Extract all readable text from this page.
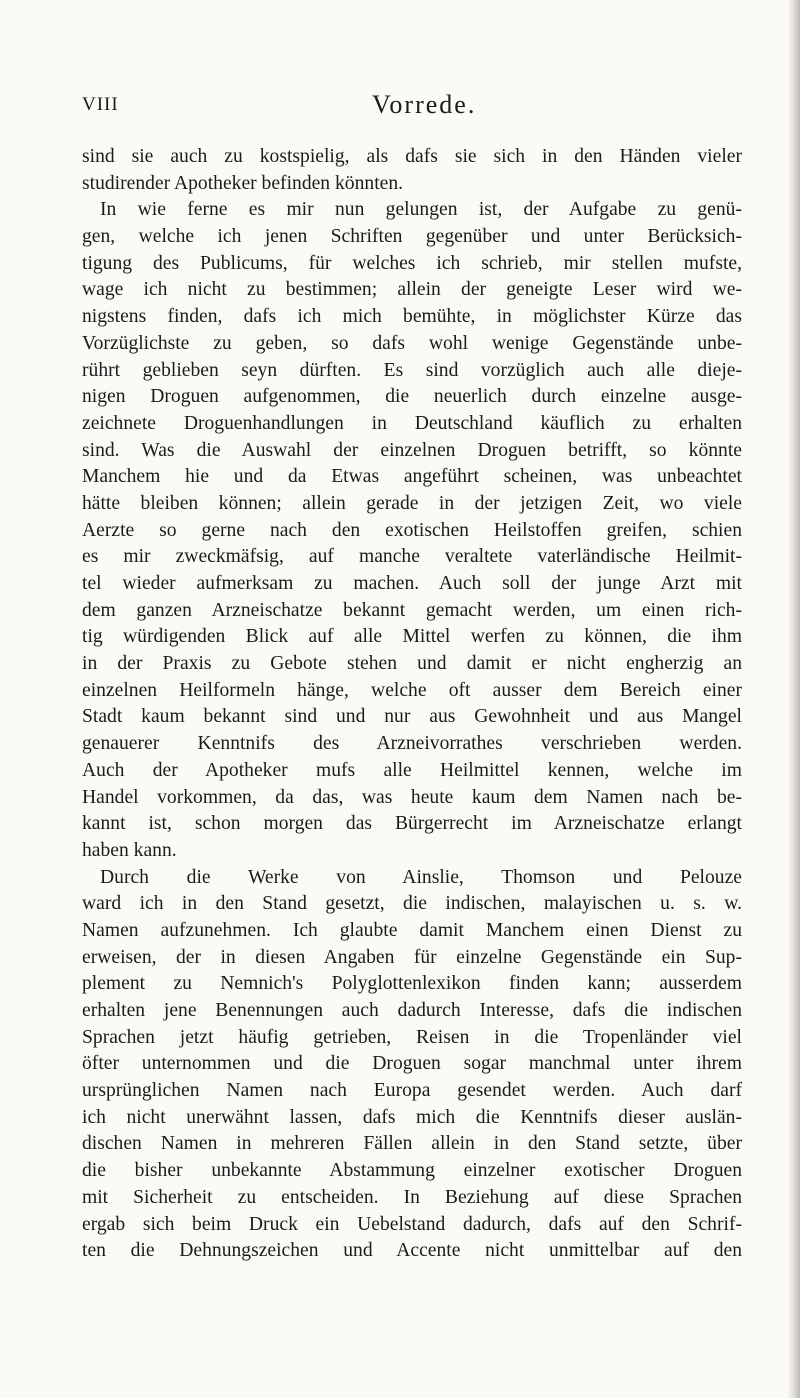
VIII	Vorrede.
sind sie auch zu kostspielig, als dafs sie sich in den Händen vieler
studirender Apotheker befinden könnten.
In wie ferne es mir nun gelungen ist, der Aufgabe zu genü-
gen, welche ich jenen Schriften gegenüber und unter Berücksich-
tigung des Publicums, für welches ich schrieb, mir stellen mufste,
wage ich nicht zu bestimmen; allein der geneigte Leser wird we-
nigstens finden, dafs ich mich bemühte, in möglichster Kürze das
Vorzüglichste zu geben, so dafs wohl wenige Gegenstände unbe-
rührt geblieben seyn dürften. Es sind vorzüglich auch alle dieje-
nigen Droguen aufgenommen, die neuerlich durch einzelne ausge-
zeichnete Droguenhandlungen in Deutschland käuflich zu erhalten
sind. Was die Auswahl der einzelnen Droguen betrifft, so könnte
Manchem hie und da Etwas angeführt scheinen, was unbeachtet
hätte bleiben können; allein gerade in der jetzigen Zeit, wo viele
Aerzte so gerne nach den exotischen Heilstoffen greifen, schien
es mir zweckmäfsig, auf manche veraltete vaterländische Heilmit-
tel wieder aufmerksam zu machen. Auch soll der junge Arzt mit
dem ganzen Arzneischatze bekannt gemacht werden, um einen rich-
tig würdigenden Blick auf alle Mittel werfen zu können, die ihm
in der Praxis zu Gebote stehen und damit er nicht engherzig an
einzelnen Heilformeln hänge, welche oft ausser dem Bereich einer
Stadt kaum bekannt sind und nur aus Gewohnheit und aus Mangel
genauerer Kenntnifs des Arzneivorrathes verschrieben werden.
Auch der Apotheker mufs alle Heilmittel kennen, welche im
Handel vorkommen, da das, was heute kaum dem Namen nach be-
kannt ist, schon morgen das Bürgerrecht im Arzneischatze erlangt
haben kann.
Durch die Werke von Ainslie, Thomson und Pelouze
ward ich in den Stand gesetzt, die indischen, malayischen u. s. w.
Namen aufzunehmen. Ich glaubte damit Manchem einen Dienst zu
erweisen, der in diesen Angaben für einzelne Gegenstände ein Sup-
plement zu Nemnich's Polyglottenlexikon finden kann; ausserdem
erhalten jene Benennungen auch dadurch Interesse, dafs die indischen
Sprachen jetzt häufig getrieben, Reisen in die Tropenländer viel
öfter unternommen und die Droguen sogar manchmal unter ihrem
ursprünglichen Namen nach Europa gesendet werden. Auch darf
ich nicht unerwähnt lassen, dafs mich die Kenntnifs dieser auslän-
dischen Namen in mehreren Fällen allein in den Stand setzte, über
die bisher unbekannte Abstammung einzelner exotischer Droguen
mit Sicherheit zu entscheiden. In Beziehung auf diese Sprachen
ergab sich beim Druck ein Uebelstand dadurch, dafs auf den Schrif-
ten die Dehnungszeichen und Accente nicht unmittelbar auf den
